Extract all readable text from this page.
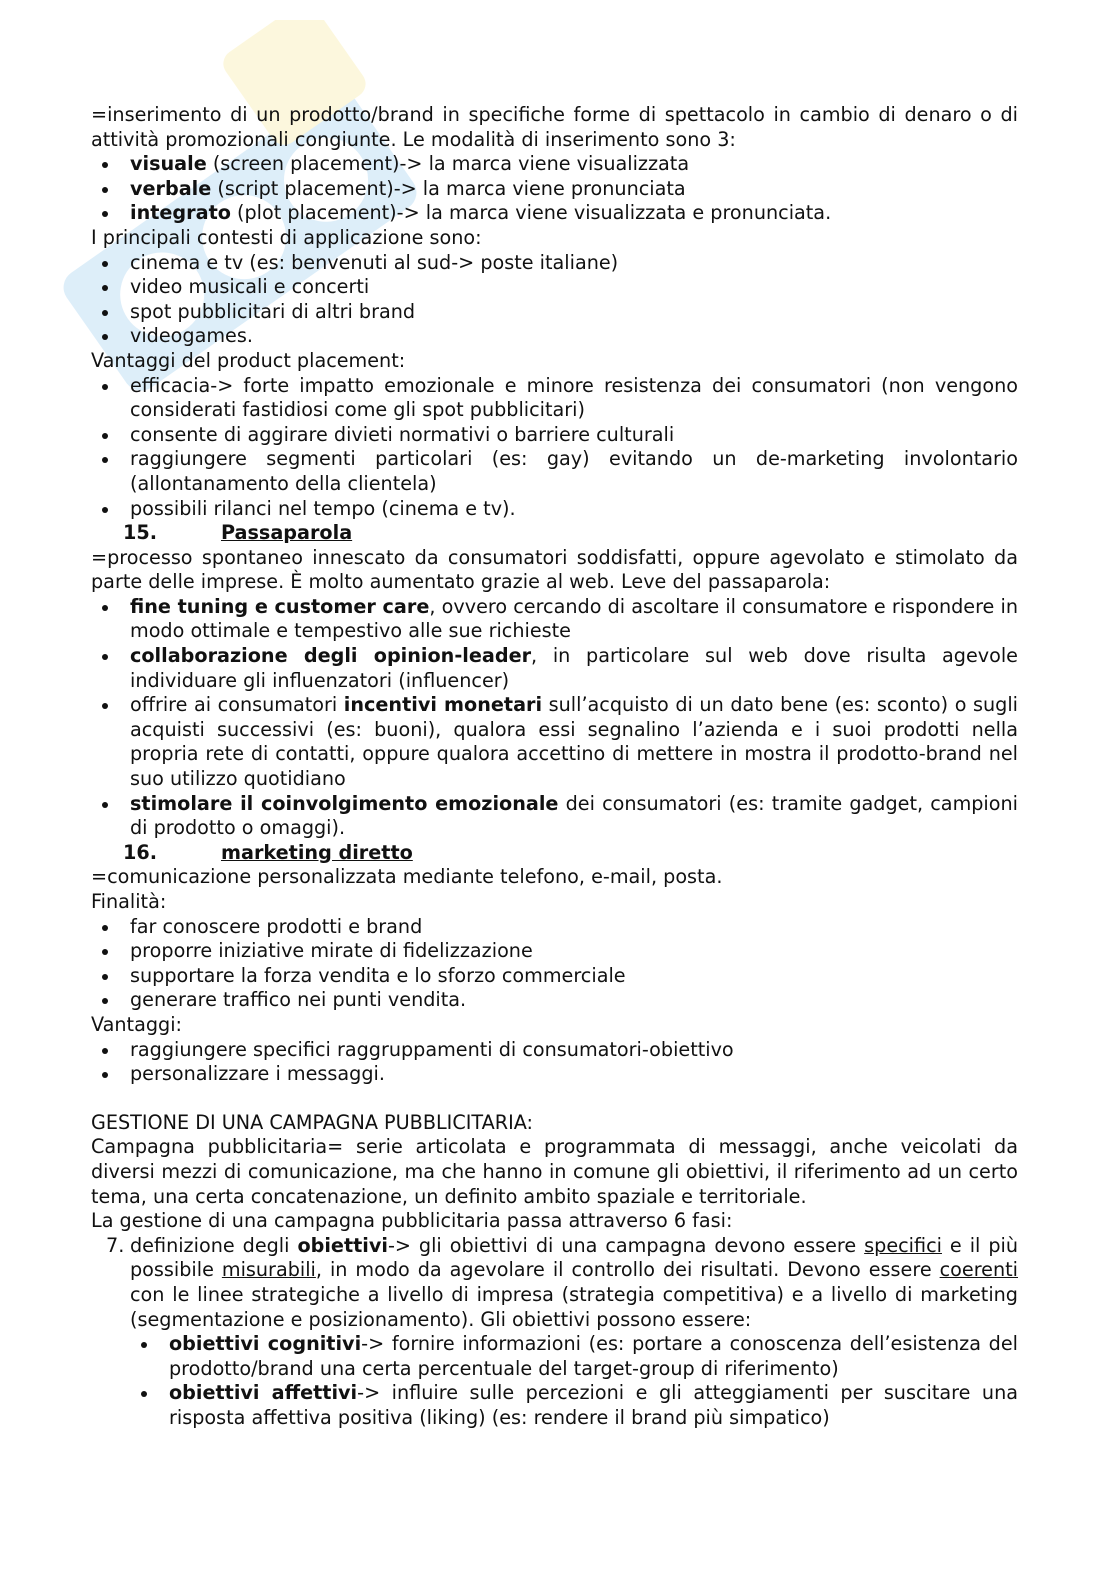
=inserimento di un prodotto/brand in specifiche forme di spettacolo in cambio di denaro o di attività promozionali congiunte. Le modalità di inserimento sono 3:

visuale (screen placement)-> la marca viene visualizzata
verbale (script placement)-> la marca viene pronunciata
integrato (plot placement)-> la marca viene visualizzata e pronunciata.

I principali contesti di applicazione sono:

cinema e tv (es: benvenuti al sud-> poste italiane)
video musicali e concerti
spot pubblicitari di altri brand
videogames.

Vantaggi del product placement:

efficacia-> forte impatto emozionale e minore resistenza dei consumatori (non vengono considerati fastidiosi come gli spot pubblicitari)
consente di aggirare divieti normativi o barriere culturali
raggiungere segmenti particolari (es: gay) evitando un de-marketing involontario (allontanamento della clientela)
possibili rilanci nel tempo (cinema e tv).
15.	Passaparola

=processo spontaneo innescato da consumatori soddisfatti, oppure agevolato e stimolato da parte delle imprese. È molto aumentato grazie al web. Leve del passaparola:

fine tuning e customer care, ovvero cercando di ascoltare il consumatore e rispondere in modo ottimale e tempestivo alle sue richieste
collaborazione degli opinion-leader, in particolare sul web dove risulta agevole individuare gli influenzatori (influencer)
offrire ai consumatori incentivi monetari sull’acquisto di un dato bene (es: sconto) o sugli acquisti successivi (es: buoni), qualora essi segnalino l’azienda e i suoi prodotti nella propria rete di contatti, oppure qualora accettino di mettere in mostra il prodotto-brand nel suo utilizzo quotidiano
stimolare il coinvolgimento emozionale dei consumatori (es: tramite gadget, campioni di prodotto o omaggi).
16.	marketing diretto

=comunicazione personalizzata mediante telefono, e-mail, posta.

Finalità:

far conoscere prodotti e brand
proporre iniziative mirate di fidelizzazione
supportare la forza vendita e lo sforzo commerciale
generare traffico nei punti vendita.

Vantaggi:

raggiungere specifici raggruppamenti di consumatori-obiettivo
personalizzare i messaggi.

GESTIONE DI UNA CAMPAGNA PUBBLICITARIA:

Campagna pubblicitaria= serie articolata e programmata di messaggi, anche veicolati da diversi mezzi di comunicazione, ma che hanno in comune gli obiettivi, il riferimento ad un certo tema, una certa concatenazione, un definito ambito spaziale e territoriale.

La gestione di una campagna pubblicitaria passa attraverso 6 fasi:

7. definizione degli obiettivi-> gli obiettivi di una campagna devono essere specifici e il più possibile misurabili, in modo da agevolare il controllo dei risultati. Devono essere coerenti con le linee strategiche a livello di impresa (strategia competitiva) e a livello di marketing (segmentazione e posizionamento). Gli obiettivi possono essere:
obiettivi cognitivi-> fornire informazioni (es: portare a conoscenza dell’esistenza del prodotto/brand una certa percentuale del target-group di riferimento)
obiettivi affettivi-> influire sulle percezioni e gli atteggiamenti per suscitare una risposta affettiva positiva (liking) (es: rendere il brand più simpatico)
